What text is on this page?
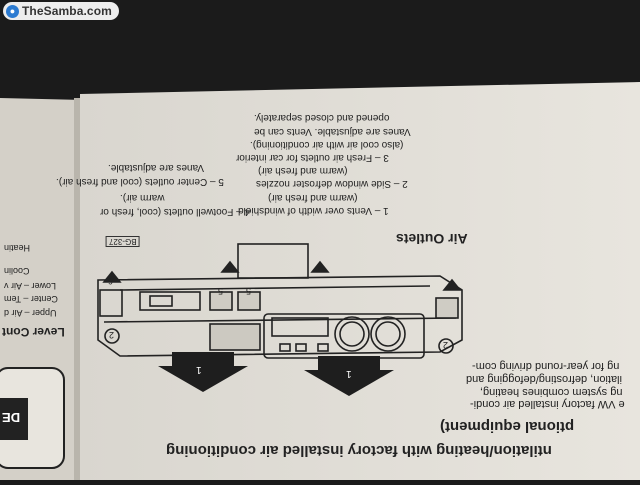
● TheSamba.com
Air Outlets
BG-327
1 – Vents over width of windshield
(warm and fresh air)
2 – Side window defroster nozzles
(warm and fresh air)
3 – Fresh air outlets for car interior
(also cool air with air conditioning).
Vanes are adjustable. Vents can be
opened and closed separately.
4 – Footwell outlets (cool, fresh or
warm air).
5 – Center outlets (cool and fresh air).
Vanes are adjustable.
ntilation/heating with factory installed air conditioning
ptional equipment)
e VW factory installed air condi-
ng system combines heating,
ilation, defrosting/defogging and
ng for year-round driving com-
Lever Cont
Upper – Air d
Center – Tem
Lower – Air v
Coolin
Heatin
DE
1	1
2
2
3
4	4
5	5
6
